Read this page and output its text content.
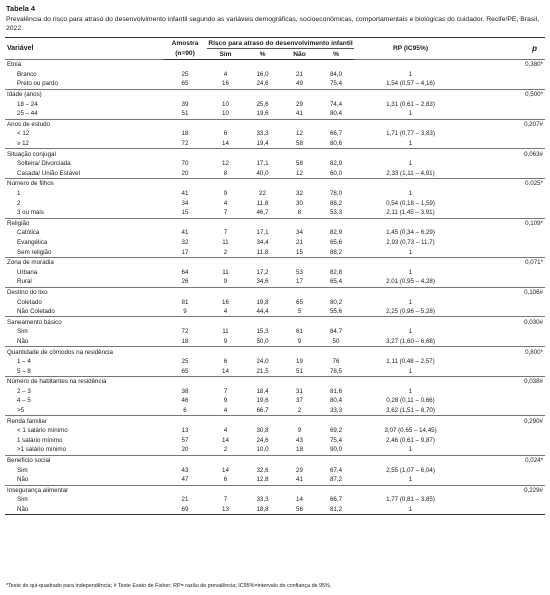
Tabela 4
Prevalência do risco para atraso do desenvolvimento infantil segundo as variáveis demográficas, socioeconômicas, comportamentais e biológicas do cuidador. Recife/PE, Brasil, 2022.
Variável	Amostra	Risco para atraso do desenvolvimento infantil				RP (IC95%)	p
	(n=90)	Sim	%	Não	%		
Etnia							0,380*
Branco	25	4	16,0	21	84,0	1	
Preto ou pardo	65	16	24,6	49	75,4	1,54 (0,57 – 4,16)	
Idade (anos)							0,500*
18 – 24	39	10	25,6	29	74,4	1,31 (0,61 – 2,83)	
25 – 44	51	10	19,6	41	80,4	1	
Anos de estudo							0,207#
< 12	18	6	33,3	12	66,7	1,71 (0,77 – 3,83)	
≥ 12	72	14	19,4	58	80,6	1	
Situação conjugal							0,063#
Solteira/ Divorciada	70	12	17,1	58	82,9	1	
Casada/ União Estável	20	8	40,0	12	60,0	2,33 (1,11 – 4,91)	
Número de filhos							0,025*
1	41	9	22	32	78,0	1	
2	34	4	11,8	30	88,2	0,54 (0,18 – 1,59)	
3 ou mais	15	7	46,7	8	53,3	2,11 (1,45 – 3,91)	
Religião							0,109*
Católica	41	7	17,1	34	82,9	1,45 (0,34 – 6,29)	
Evangélica	32	11	34,4	21	65,6	2,93 (0,73 – 11,7)	
Sem religião	17	2	11,8	15	88,2	1	
Zona de moradia							0,071*
Urbana	64	11	17,2	53	82,8	1	
Rural	26	9	34,6	17	65,4	2,01 (0,95 – 4,28)	
Destino do lixo							0,106#
Coletado	81	16	19,8	65	80,2	1	
Não Coletado	9	4	44,4	5	55,6	2,25 (0,96 – 5,28)	
Saneamento básico							0,030#
Sim	72	11	15,3	61	84,7	1	
Não	18	9	50,0	9	50	3,27 (1,60 – 6,68)	
Quantidade de cômodos na residência							0,800*
1 – 4	25	6	24,0	19	76	1,11 (0,48 – 2,57)	
5 – 8	65	14	21,5	51	78,5	1	
Número de habitantes na residência							0,038#
2 – 3	38	7	18,4	31	81,6	1	
4 – 5	46	9	19,6	37	80,4	0,28 (0,11 – 0,66)	
>5	6	4	66,7	2	33,3	3,62 (1,51 – 8,70)	
Renda familiar							0,290#
< 1 salário mínimo	13	4	30,8	9	69,2	3,07 (0,65 – 14,45)	
1 salário mínimo	57	14	24,6	43	75,4	2,46 (0,61 – 9,87)	
>1 salário mínimo	20	2	10,0	18	90,0	1	
Benefício social							0,024*
Sim	43	14	32,6	29	67,4	2,55 (1,07 – 6,04)	
Não	47	6	12,8	41	87,2	1	
Insegurança alimentar							0,229#
Sim	21	7	33,3	14	66,7	1,77 (0,81 – 3,85)	
Não	69	13	18,8	56	81,2	1	
*Teste do qui-quadrado para independência; # Teste Exato de Fisher; RP= razão de prevalência; IC95%=intervalo de confiança de 95%.
